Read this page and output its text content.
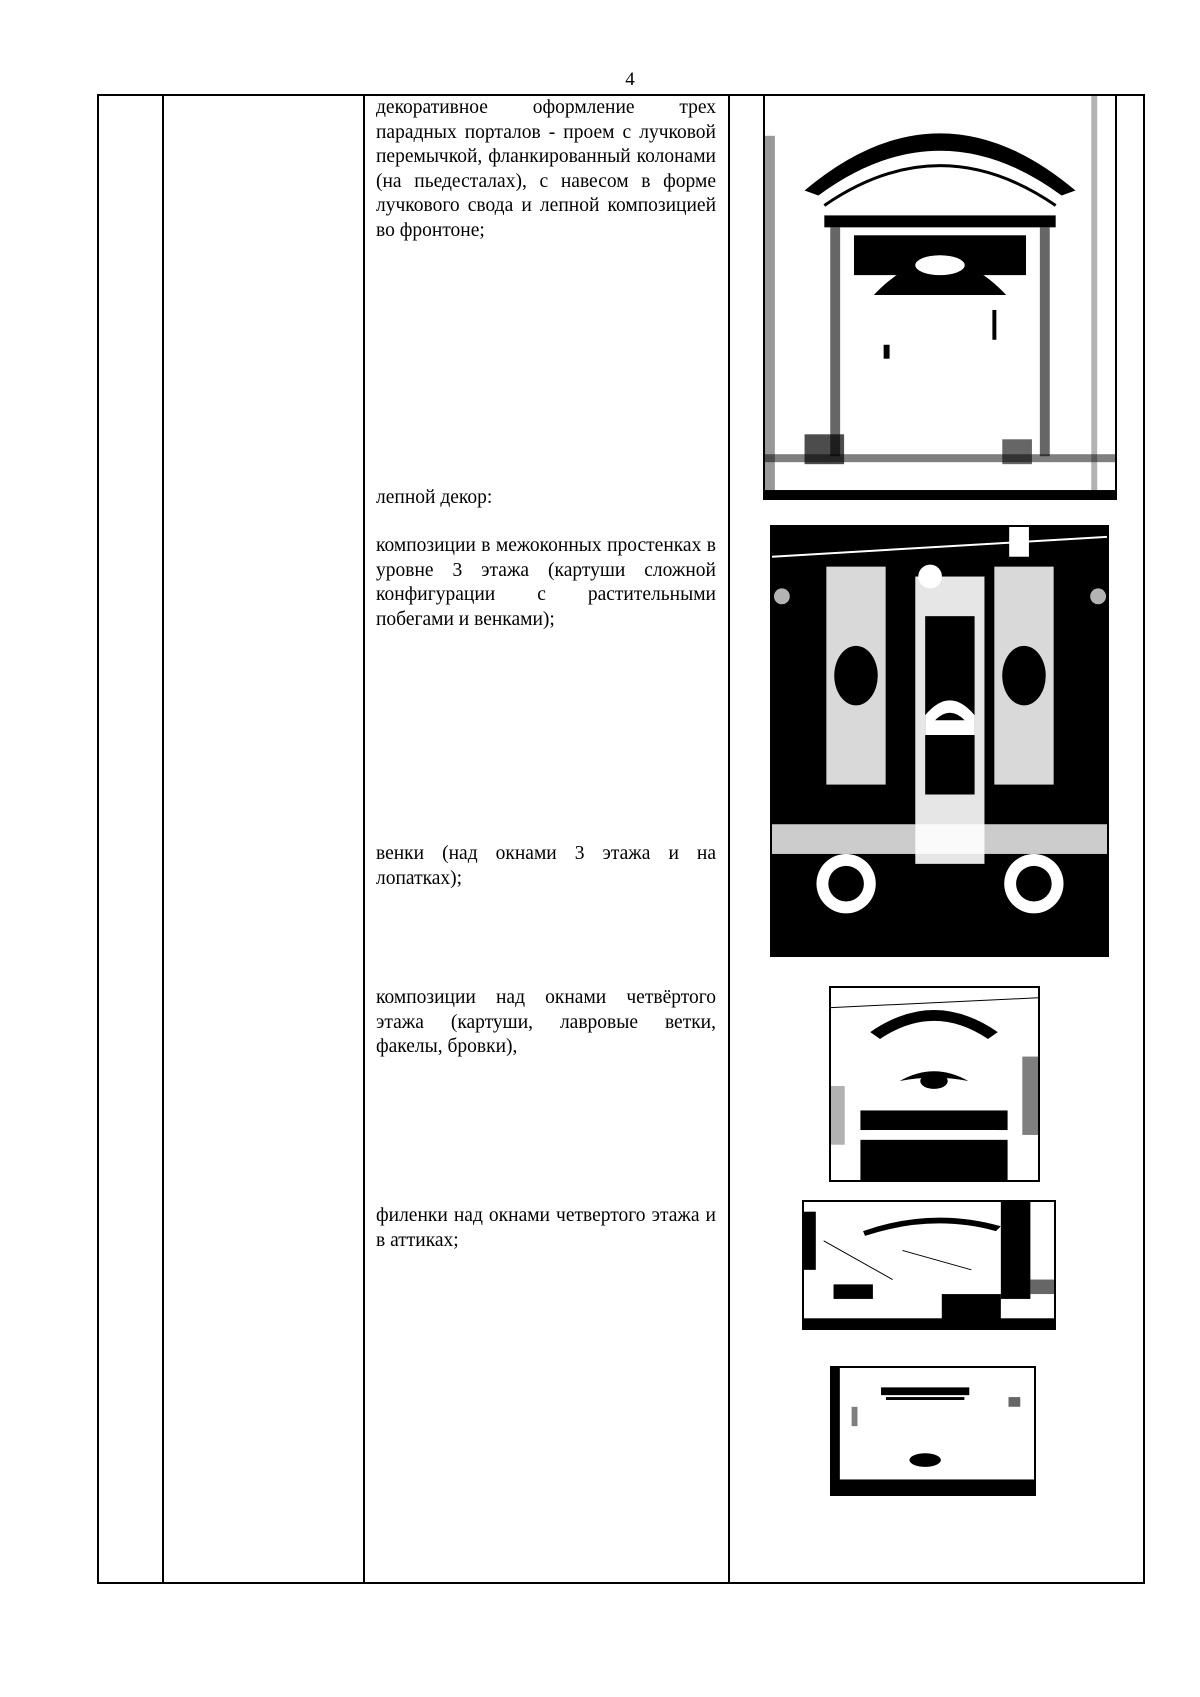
4

декоративное оформление трех парадных порталов - проем с лучковой перемычкой, фланкированный колонами (на пьедесталах), с навесом в форме лучкового свода и лепной композицией во фронтоне;

лепной декор:

композиции в межоконных простенках в уровне 3 этажа (картуши сложной конфигурации с растительными побегами и венками);

венки (над окнами 3 этажа и на лопатках);

композиции над окнами четвёртого этажа (картуши, лавровые ветки, факелы, бровки),

филенки над окнами четвертого этажа и в аттиках;
